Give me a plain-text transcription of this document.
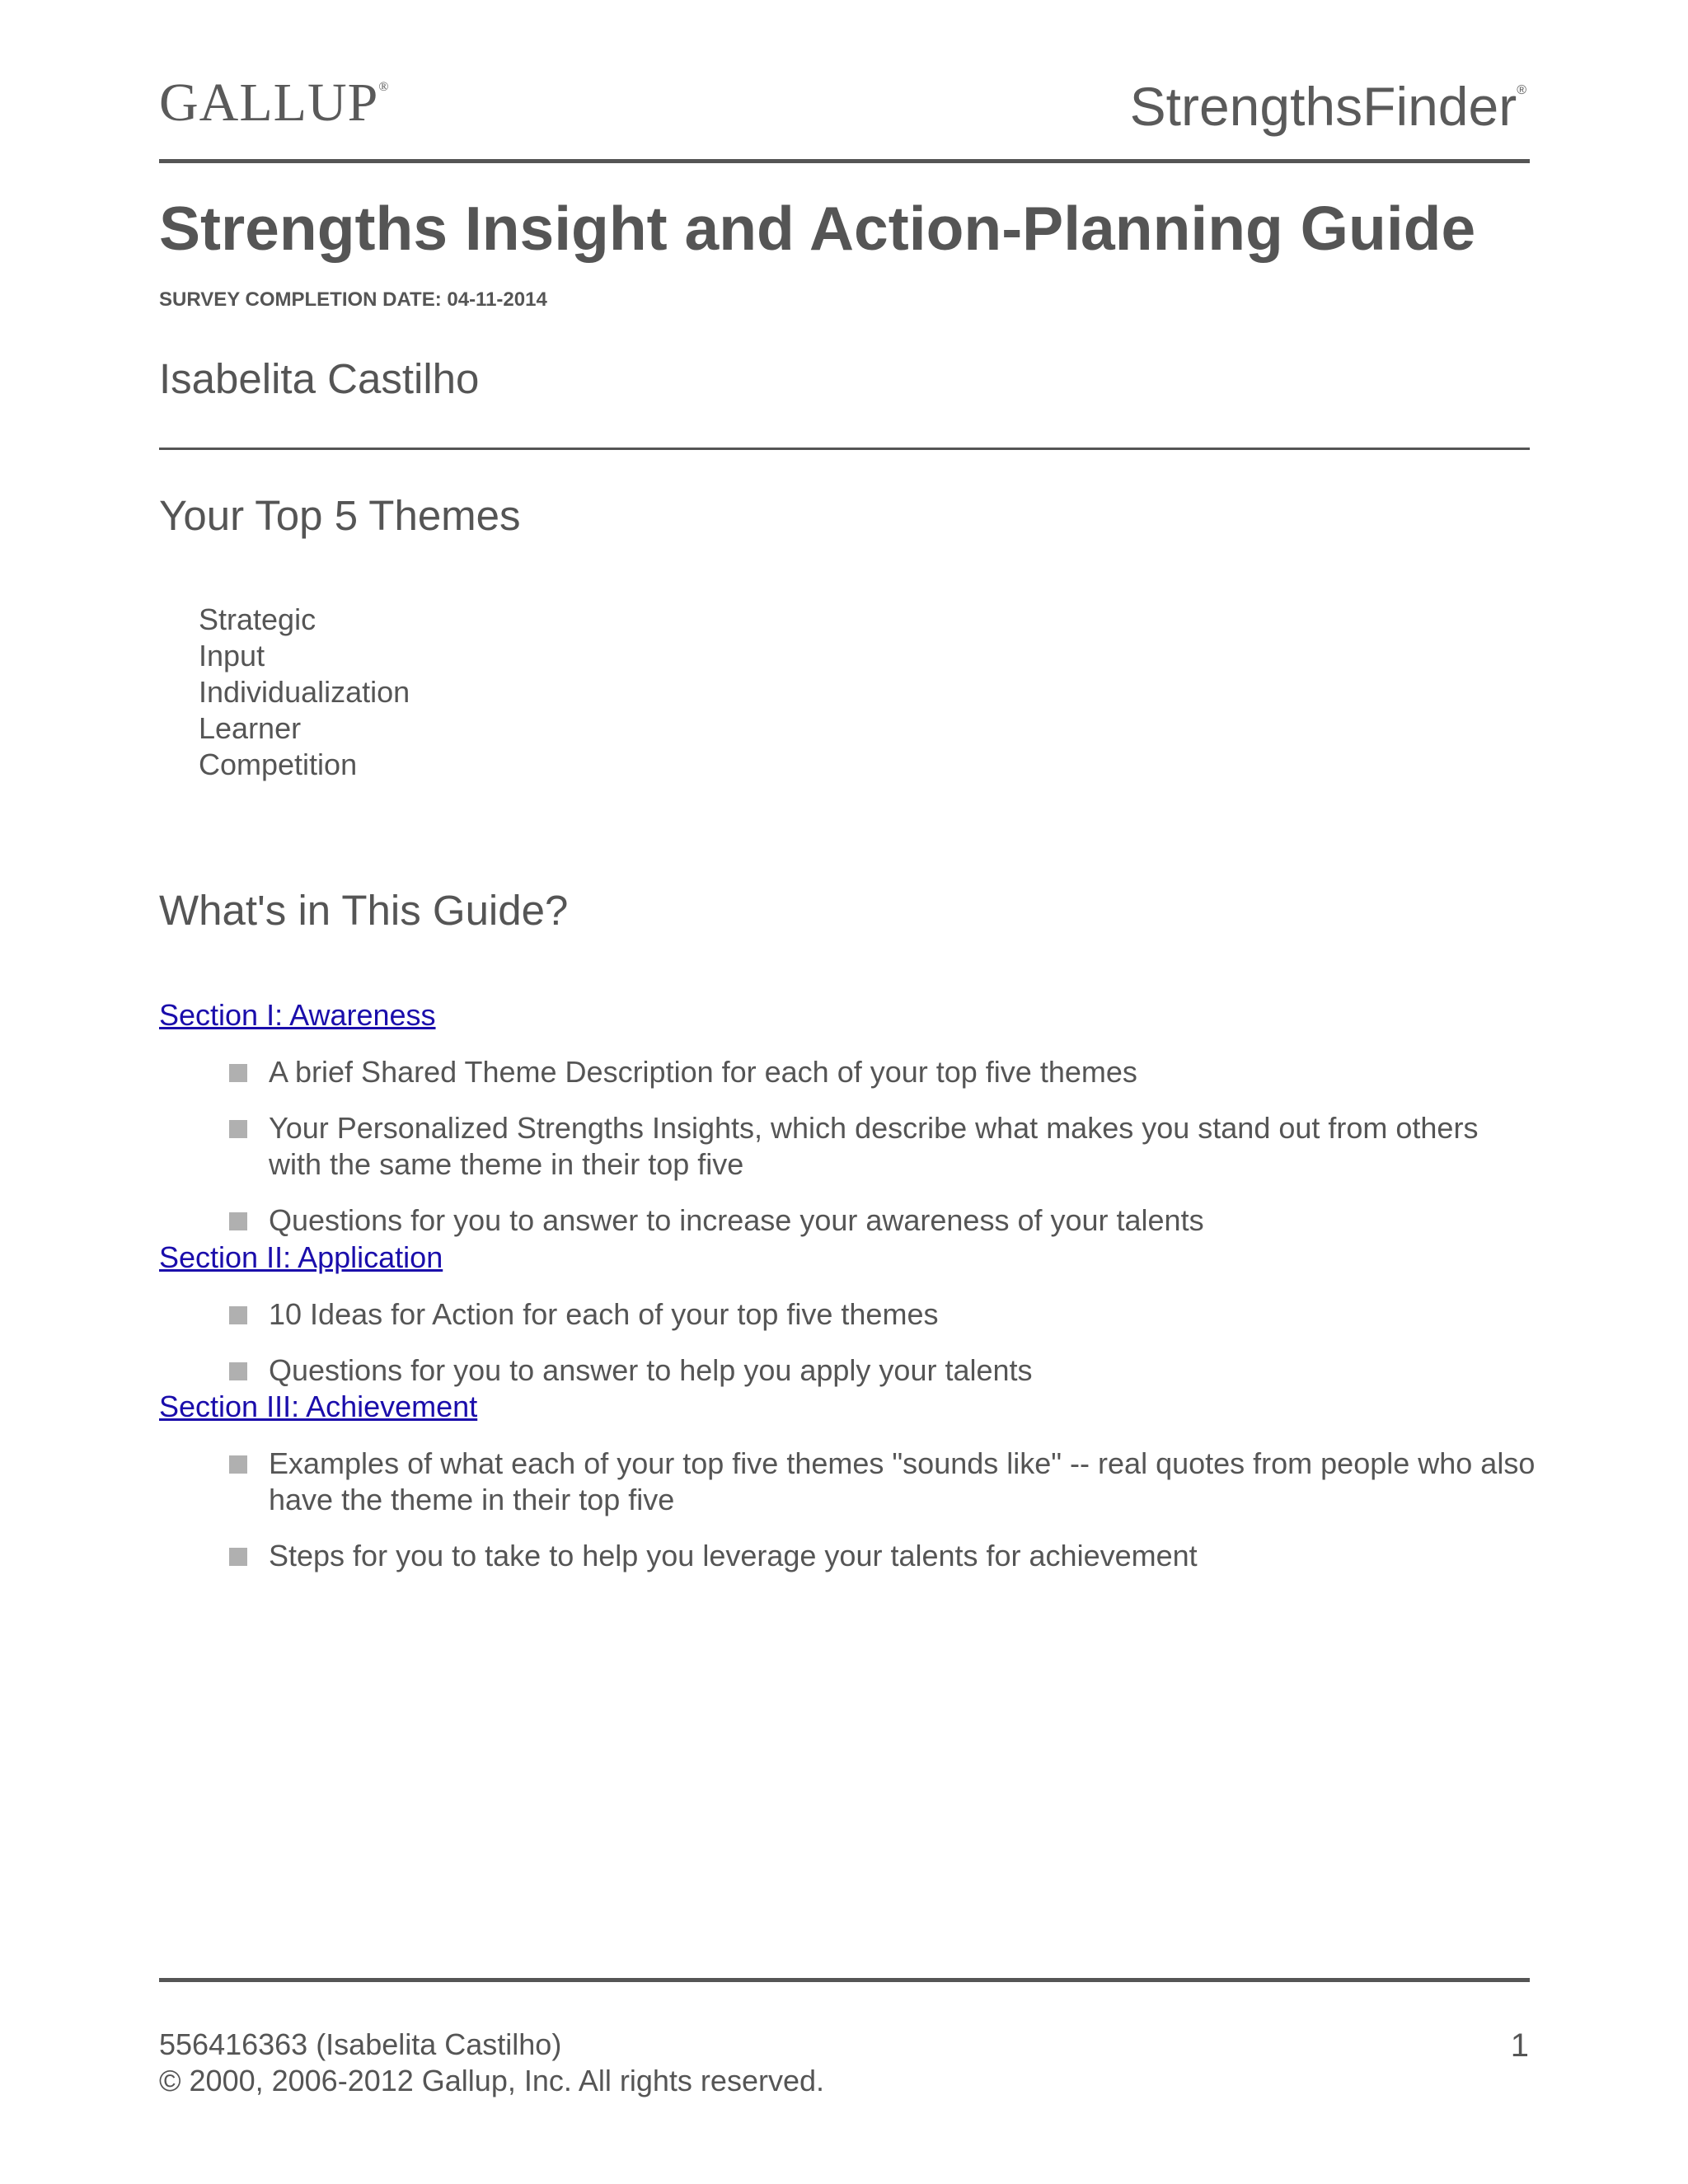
GALLUP®	StrengthsFinder®
Strengths Insight and Action-Planning Guide
SURVEY COMPLETION DATE: 04-11-2014
Isabelita Castilho
Your Top 5 Themes
Strategic
Input
Individualization
Learner
Competition
What's in This Guide?
Section I: Awareness
A brief Shared Theme Description for each of your top five themes
Your Personalized Strengths Insights, which describe what makes you stand out from others with the same theme in their top five
Questions for you to answer to increase your awareness of your talents
Section II: Application
10 Ideas for Action for each of your top five themes
Questions for you to answer to help you apply your talents
Section III: Achievement
Examples of what each of your top five themes "sounds like" -- real quotes from people who also have the theme in their top five
Steps for you to take to help you leverage your talents for achievement
556416363 (Isabelita Castilho)
© 2000, 2006-2012 Gallup, Inc. All rights reserved.
1
